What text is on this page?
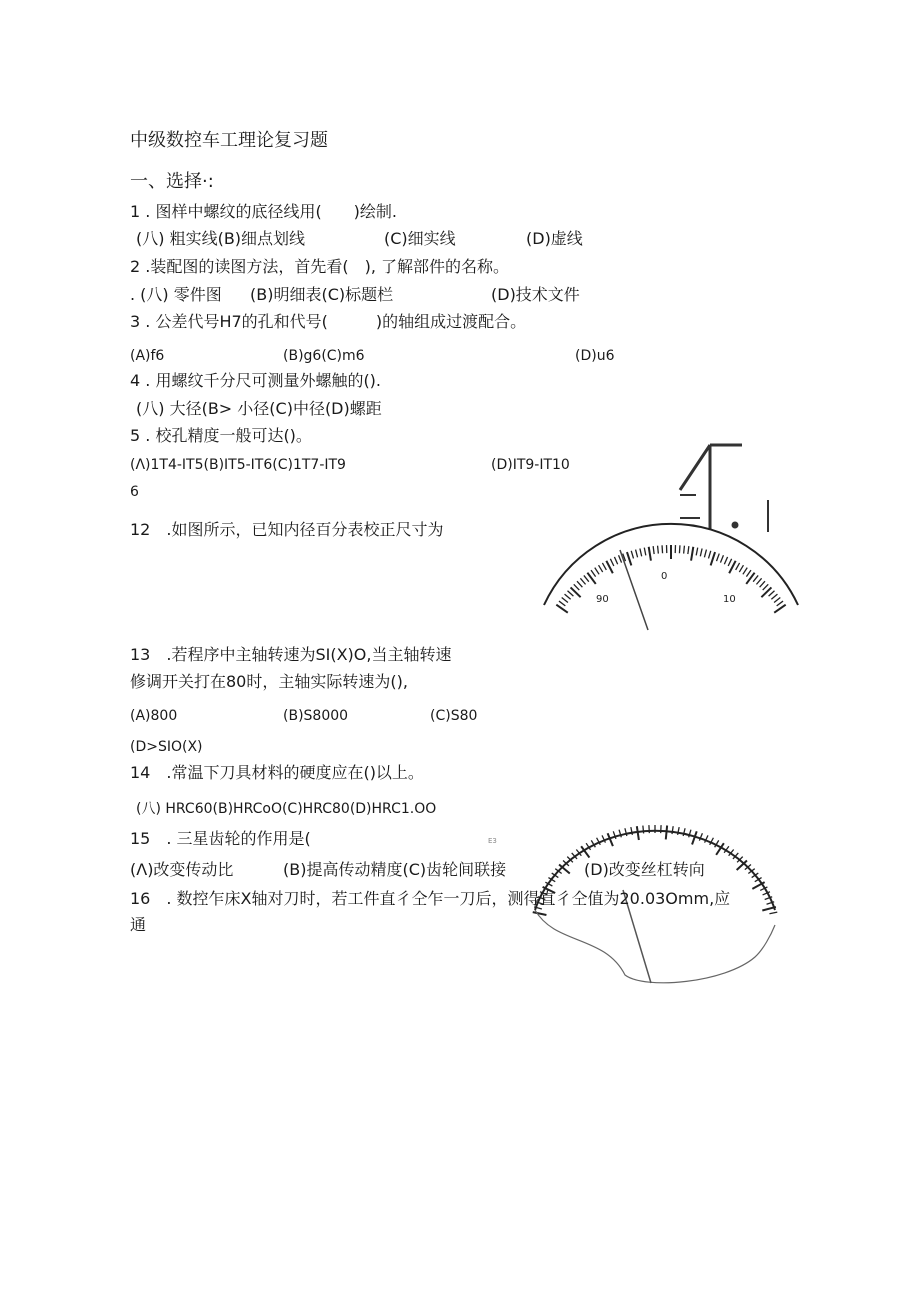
中级数控车工理论复习题
一、选择·:
1 . 图样中螺纹的底径线用(　　)绘制.
(八) 粗实线(B)细点划线	(C)细实线	(D)虚线
2 .装配图的读图方法，首先看(　), 了解部件的名称。
. (八) 零件图 (B)明细表(C)标题栏	(D)技术文件
3 . 公差代号H7的孔和代号(　　　)的轴组成过渡配合。
(A)f6	(B)g6(C)m6	(D)u6
4 . 用螺纹千分尺可测量外螺触的().
(八) 大径(B> 小径(C)中径(D)螺距
5 . 校孔精度一般可达()。
(Λ)1T4-IT5(B)IT5-IT6(C)1T7-IT9	(D)IT9-IT10
6
12　.如图所示，已知内径百分表校正尺寸为
13　.若程序中主轴转速为SI(X)O,当主轴转速
修调开关打在80时，主轴实际转速为(),
(A)800	(B)S8000	(C)S80
(D>SIO(X)
14　.常温下刀具材料的硬度应在()以上。
(八) HRC60(B)HRCoO(C)HRC80(D)HRC1.OO
15　. 三星齿轮的作用是(
(Λ)改变传动比	(B)提高传动精度(C)齿轮间联接
90
0
10
E3
(D)改变丝杠转向
16　. 数控乍床X轴对刀时，若工件直彳仝乍一刀后，测得直彳仝值为20.03Omm,应
通
